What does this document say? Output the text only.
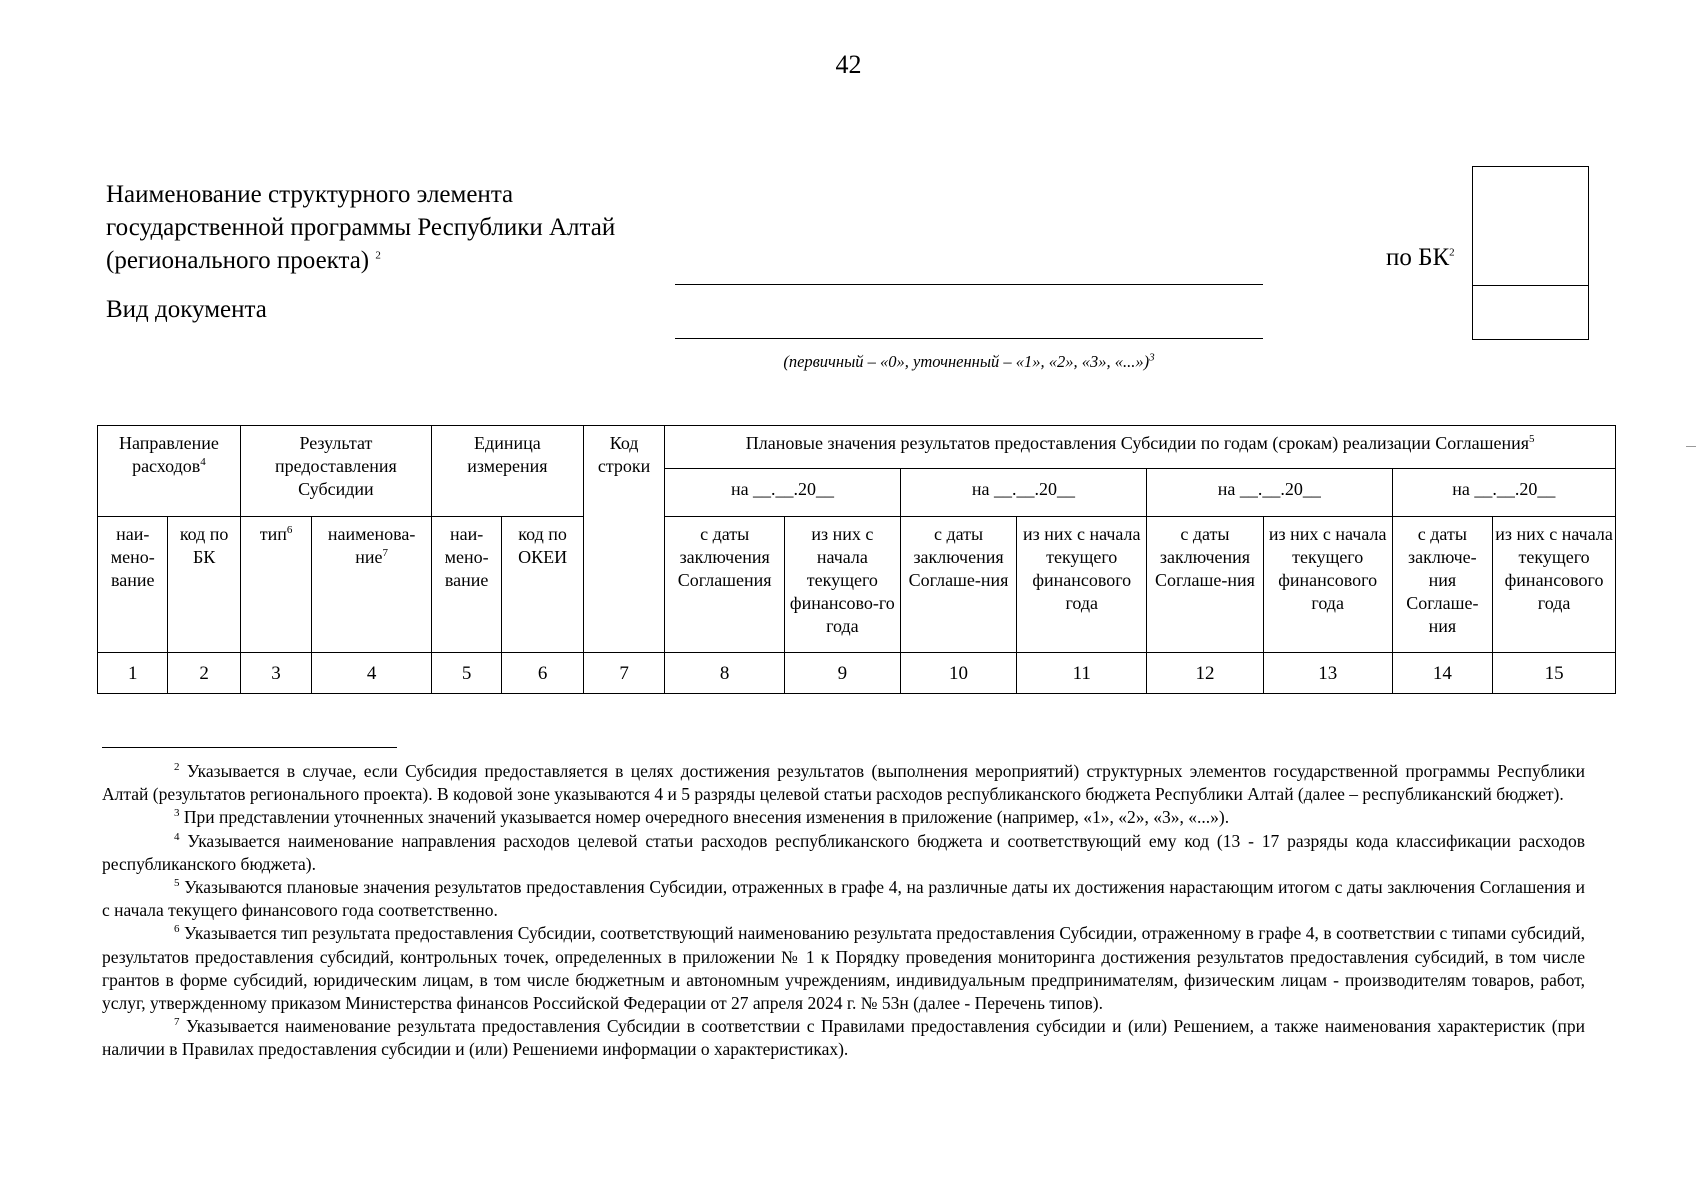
42
Наименование структурного элемента государственной программы Республики Алтай (регионального проекта) $^2$
Вид документа
(первичный – «0», уточненный – «1», «2», «3», «...»)$^3$
по $БК^2$
Направление расходов$^4$		Результат предоставления Субсидии		Единица измерения		Код строки	Плановые значения результатов предоставления Субсидии по годам (срокам) реализации Соглашения$^5$
							на __.__.20__		на __.__.20__		на __.__.20__		на __.__.20__	
наи-мено-вание	код по БК	тип$^6$	наименова-ние$^7$	наи-мено-вание	код по ОКЕИ		с даты заключения Соглашения	из них с начала текущего финансово-го года	с даты заключения Соглаше-ния	из них с начала текущего финансового года	с даты заключения Соглаше-ния	из них с начала текущего финансового года	с даты заключе-ния Соглаше-ния	из них с начала текущего финансового года
1	2	3	4	5	6	7	8	9	10	11	12	13	14	15

$^2$ Указывается в случае, если Субсидия предоставляется в целях достижения результатов (выполнения мероприятий) структурных элементов государственной программы Республики Алтай (результатов регионального проекта). В кодовой зоне указываются 4 и 5 разряды целевой статьи расходов республиканского бюджета Республики Алтай (далее – республиканский бюджет).

$^3$ При представлении уточненных значений указывается номер очередного внесения изменения в приложение (например, «1», «2», «3», «...»).

$^4$ Указывается наименование направления расходов целевой статьи расходов республиканского бюджета и соответствующий ему код (13 - 17 разряды кода классификации расходов республиканского бюджета).

$^5$ Указываются плановые значения результатов предоставления Субсидии, отраженных в графе 4, на различные даты их достижения нарастающим итогом с даты заключения Соглашения и с начала текущего финансового года соответственно.

$^6$ Указывается тип результата предоставления Субсидии, соответствующий наименованию результата предоставления Субсидии, отраженному в графе 4, в соответствии с типами субсидий, результатов предоставления субсидий, контрольных точек, определенных в приложении № 1 к Порядку проведения мониторинга достижения результатов предоставления субсидий, в том числе грантов в форме субсидий, юридическим лицам, в том числе бюджетным и автономным учреждениям, индивидуальным предпринимателям, физическим лицам - производителям товаров, работ, услуг, утвержденному приказом Министерства финансов Российской Федерации от 27 апреля 2024 г. № 53н (далее - Перечень типов).

$^7$ Указывается наименование результата предоставления Субсидии в соответствии с Правилами предоставления субсидии и (или) Решением, а также наименования характеристик (при наличии в Правилах предоставления субсидии и (или) Решениеми информации о характеристиках).
